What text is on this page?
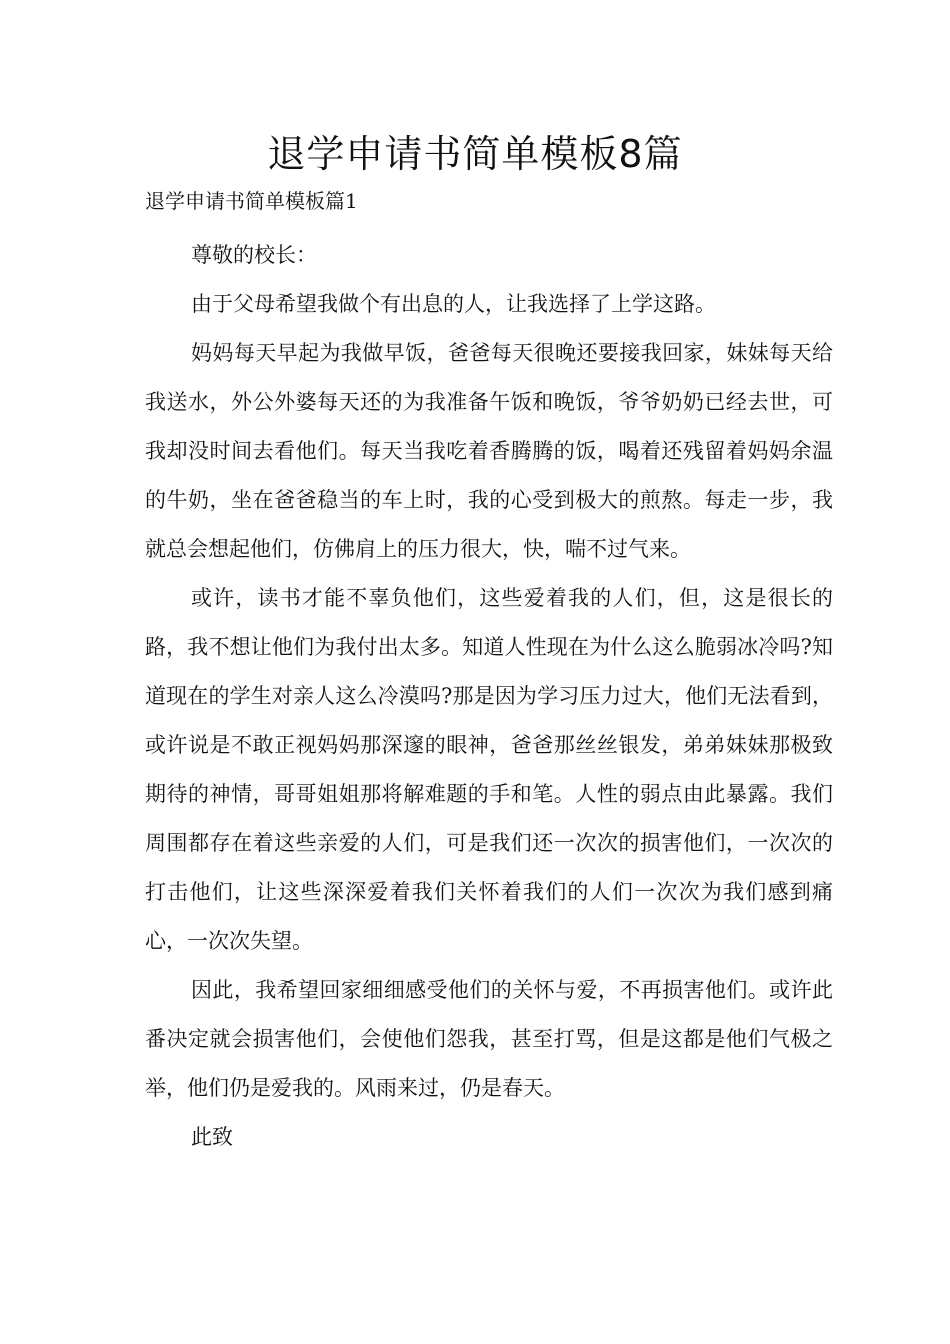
退学申请书简单模板8篇

退学申请书简单模板篇1

尊敬的校长：

由于父母希望我做个有出息的人，让我选择了上学这路。

妈妈每天早起为我做早饭，爸爸每天很晚还要接我回家，妹妹每天给我送水，外公外婆每天还的为我准备午饭和晚饭，爷爷奶奶已经去世，可我却没时间去看他们。每天当我吃着香腾腾的饭，喝着还残留着妈妈余温的牛奶，坐在爸爸稳当的车上时，我的心受到极大的煎熬。每走一步，我就总会想起他们，仿佛肩上的压力很大，快，喘不过气来。

或许，读书才能不辜负他们，这些爱着我的人们，但，这是很长的路，我不想让他们为我付出太多。知道人性现在为什么这么脆弱冰冷吗?知道现在的学生对亲人这么冷漠吗?那是因为学习压力过大，他们无法看到，或许说是不敢正视妈妈那深邃的眼神，爸爸那丝丝银发，弟弟妹妹那极致期待的神情，哥哥姐姐那将解难题的手和笔。人性的弱点由此暴露。我们周围都存在着这些亲爱的人们，可是我们还一次次的损害他们，一次次的打击他们，让这些深深爱着我们关怀着我们的人们一次次为我们感到痛心，一次次失望。

因此，我希望回家细细感受他们的关怀与爱，不再损害他们。或许此番决定就会损害他们，会使他们怨我，甚至打骂，但是这都是他们气极之举，他们仍是爱我的。风雨来过，仍是春天。

此致
